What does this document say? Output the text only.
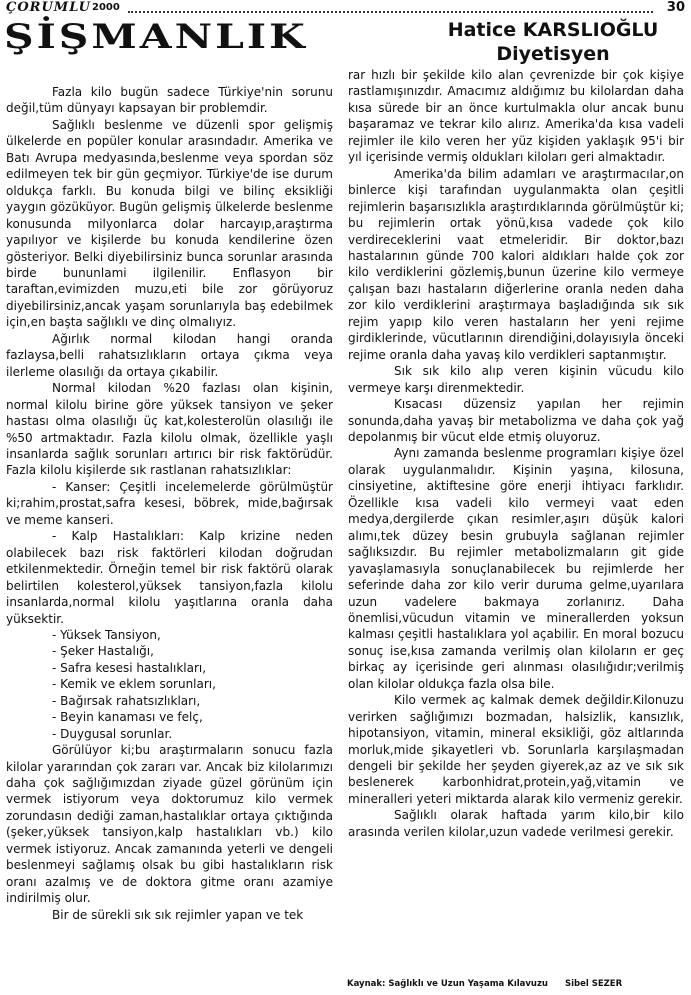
ÇORUMLU 2000	30
ŞİŞMANLIK	Hatice KARSLIOĞLU
Diyetisyen

Fazla kilo bugün sadece Türkiye'nin sorunu değil,tüm dünyayı kapsayan bir problemdir.

Sağlıklı beslenme ve düzenli spor gelişmiş ülkelerde en popüler konular arasındadır. Amerika ve Batı Avrupa medyasında,beslenme veya spordan söz edilmeyen tek bir gün geçmiyor. Türkiye'de ise durum oldukça farklı. Bu konuda bilgi ve bilinç eksikliği yaygın gözüküyor. Bugün gelişmiş ülkelerde beslenme konusunda milyonlarca dolar harcayıp,araştırma yapılıyor ve kişilerde bu konuda kendilerine özen gösteriyor. Belki diyebilirsiniz bunca sorunlar arasında birde bununlami ilgilenilir. Enflasyon bir taraftan,evimizden muzu,eti bile zor görüyoruz diyebilirsiniz,ancak yaşam sorunlarıyla baş edebilmek için,en başta sağlıklı ve dinç olmalıyız.

Ağırlık normal kilodan hangi oranda fazlaysa,belli rahatsızlıkların ortaya çıkma veya ilerleme olasılığı da ortaya çıkabilir.

Normal kilodan %20 fazlası olan kişinin, normal kilolu birine göre yüksek tansiyon ve şeker hastası olma olasılığı üç kat,kolesterolün olasılığı ile %50 artmaktadır. Fazla kilolu olmak, özellikle yaşlı insanlarda sağlık sorunları artırıcı bir risk faktörüdür. Fazla kilolu kişilerde sık rastlanan rahatsızlıklar:

- Kanser: Çeşitli incelemelerde görülmüştür ki;rahim,prostat,safra kesesi, böbrek, mide,bağırsak ve meme kanseri.

- Kalp Hastalıkları: Kalp krizine neden olabilecek bazı risk faktörleri kilodan doğrudan etkilenmektedir. Örneğin temel bir risk faktörü olarak belirtilen kolesterol,yüksek tansiyon,fazla kilolu insanlarda,normal kilolu yaşıtlarına oranla daha yüksektir.

- Yüksek Tansiyon,

- Şeker Hastalığı,

- Safra kesesi hastalıkları,

- Kemik ve eklem sorunları,

- Bağırsak rahatsızlıkları,

- Beyin kanaması ve felç,

- Duygusal sorunlar.

Görülüyor ki;bu araştırmaların sonucu fazla kilolar yararından çok zararı var. Ancak biz kilolarımızı daha çok sağlığımızdan ziyade güzel görünüm için vermek istiyorum veya doktorumuz kilo vermek zorundasın dediği zaman,hastalıklar ortaya çıktığında (şeker,yüksek tansiyon,kalp hastalıkları vb.) kilo vermek istiyoruz. Ancak zamanında yeterli ve dengeli beslenmeyi sağlamış olsak bu gibi hastalıkların risk oranı azalmış ve de doktora gitme oranı azamiye indirilmiş olur.

Bir de sürekli sık sık rejimler yapan ve tek

rar hızlı bir şekilde kilo alan çevrenizde bir çok kişiye rastlamışınızdır. Amacımız aldığımız bu kilolardan daha kısa sürede bir an önce kurtulmakla olur ancak bunu başaramaz ve tekrar kilo alırız. Amerika'da kısa vadeli rejimler ile kilo veren her yüz kişiden yaklaşık 95'i bir yıl içerisinde vermiş oldukları kiloları geri almaktadır.

Amerika'da bilim adamları ve araştırmacılar,on binlerce kişi tarafından uygulanmakta olan çeşitli rejimlerin başarısızlıkla araştırdıklarında görülmüştür ki; bu rejimlerin ortak yönü,kısa vadede çok kilo verdireceklerini vaat etmeleridir. Bir doktor,bazı hastalarının günde 700 kalori aldıkları halde çok zor kilo verdiklerini gözlemiş,bunun üzerine kilo vermeye çalışan bazı hastaların diğerlerine oranla neden daha zor kilo verdiklerini araştırmaya başladığında sık sık rejim yapıp kilo veren hastaların her yeni rejime girdiklerinde, vücutlarının direndiğini,dolayısıyla önceki rejime oranla daha yavaş kilo verdikleri saptanmıştır.

Sık sık kilo alıp veren kişinin vücudu kilo vermeye karşı direnmektedir.

Kısacası düzensiz yapılan her rejimin sonunda,daha yavaş bir metabolizma ve daha çok yağ depolanmış bir vücut elde etmiş oluyoruz.

Aynı zamanda beslenme programları kişiye özel olarak uygulanmalıdır. Kişinin yaşına, kilosuna, cinsiyetine, aktiftesine göre enerji ihtiyacı farklıdır. Özellikle kısa vadeli kilo vermeyi vaat eden medya,dergilerde çıkan resimler,aşırı düşük kalori alımı,tek düzey besin grubuyla sağlanan rejimler sağlıksızdır. Bu rejimler metabolizmaların git gide yavaşlamasıyla sonuçlanabilecek bu rejimlerde her seferinde daha zor kilo verir duruma gelme,uyarılara uzun vadelere bakmaya zorlanırız. Daha önemlisi,vücudun vitamin ve minerallerden yoksun kalması çeşitli hastalıklara yol açabilir. En moral bozucu sonuç ise,kısa zamanda verilmiş olan kiloların er geç birkaç ay içerisinde geri alınması olasılığıdır;verilmiş olan kilolar oldukça fazla olsa bile.

Kilo vermek aç kalmak demek değildir.Kilonuzu verirken sağlığımızı bozmadan, halsizlik, kansızlık, hipotansiyon, vitamin, mineral eksikliği, göz altlarında morluk,mide şikayetleri vb. Sorunlarla karşılaşmadan dengeli bir şekilde her şeyden giyerek,az az ve sık sık beslenerek karbonhidrat,protein,yağ,vitamin ve mineralleri yeteri miktarda alarak kilo vermeniz gerekir.

Sağlıklı olarak haftada yarım kilo,bir kilo arasında verilen kilolar,uzun vadede verilmesi gerekir.

Kaynak: Sağlıklı ve Uzun Yaşama Kılavuzu Sibel SEZER
